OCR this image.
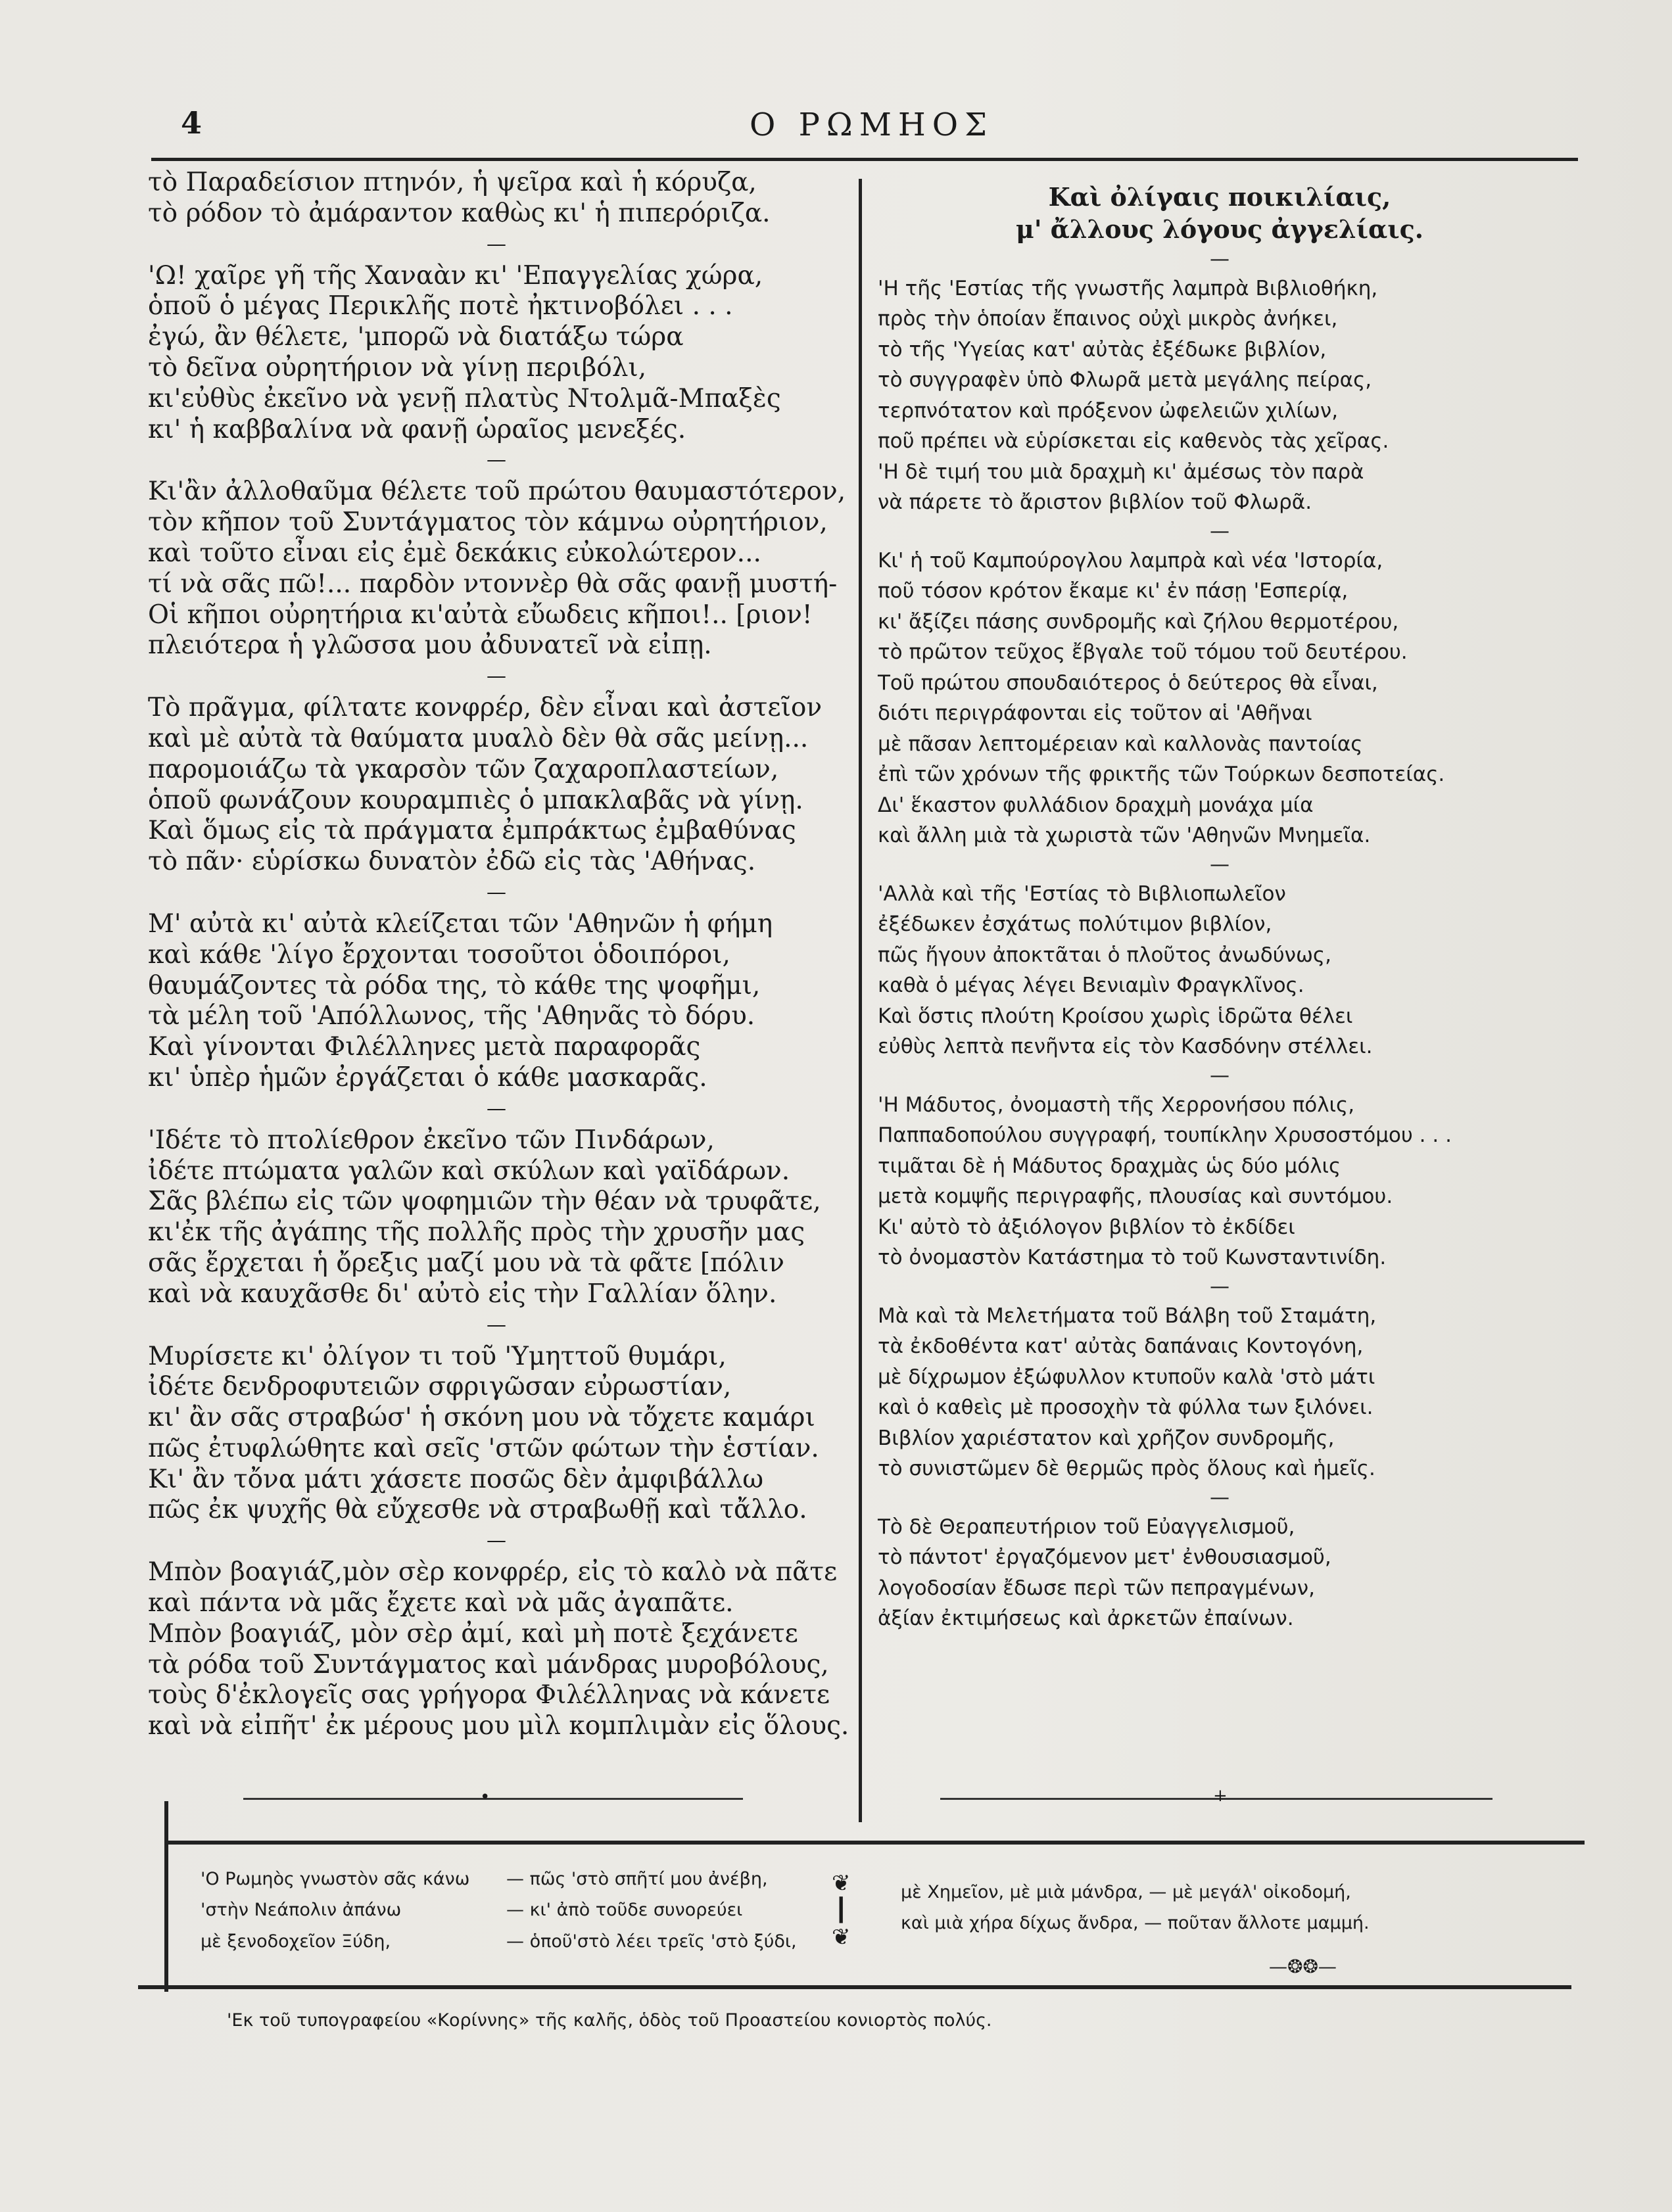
4	Ο ΡΩΜΗΟΣ
τὸ Παραδείσιον πτηνόν, ἡ ψεῖρα καὶ ἡ κόρυζα,
τὸ ρόδον τὸ ἀμάραντον καθὼς κι' ἡ πιπερόριζα.
—
'Ω! χαῖρε γῆ τῆς Χαναὰν κι' 'Επαγγελίας χώρα,
ὁποῦ ὁ μέγας Περικλῆς ποτὲ ἠκτινοβόλει . . .
ἐγώ, ἂν θέλετε, 'μπορῶ νὰ διατάξω τώρα
τὸ δεῖνα οὐρητήριον νὰ γίνῃ περιβόλι,
κι'εὐθὺς ἐκεῖνο νὰ γενῇ πλατὺς Ντολμᾶ-Μπαξὲς
κι' ἡ καββαλίνα νὰ φανῇ ὡραῖος μενεξές.
—
Κι'ἂν ἀλλοθαῦμα θέλετε τοῦ πρώτου θαυμαστότερον,
τὸν κῆπον τοῦ Συντάγματος τὸν κάμνω οὐρητήριον,
καὶ τοῦτο εἶναι εἰς ἐμὲ δεκάκις εὐκολώτερον...
τί νὰ σᾶς πῶ!... παρδὸν ντοννὲρ θὰ σᾶς φανῇ μυστή-
Οἱ κῆποι οὐρητήρια κι'αὐτὰ εὔωδεις κῆποι!.. [ριον!
πλειότερα ἡ γλῶσσα μου ἀδυνατεῖ νὰ εἰπῃ.
—
Τὸ πρᾶγμα, φίλτατε κονφρέρ, δὲν εἶναι καὶ ἀστεῖον
καὶ μὲ αὐτὰ τὰ θαύματα μυαλὸ δὲν θὰ σᾶς μείνῃ...
παρομοιάζω τὰ γκαρσὸν τῶν ζαχαροπλαστείων,
ὁποῦ φωνάζουν κουραμπιὲς ὁ μπακλαβᾶς νὰ γίνῃ.
Καὶ ὅμως εἰς τὰ πράγματα ἐμπράκτως ἐμβαθύνας
τὸ πᾶν· εὑρίσκω δυνατὸν ἐδῶ εἰς τὰς 'Αθήνας.
—
Μ' αὐτὰ κι' αὐτὰ κλείζεται τῶν 'Αθηνῶν ἡ φήμη
καὶ κάθε 'λίγο ἔρχονται τοσοῦτοι ὁδοιπόροι,
θαυμάζοντες τὰ ρόδα της, τὸ κάθε της ψοφῆμι,
τὰ μέλη τοῦ 'Απόλλωνος, τῆς 'Αθηνᾶς τὸ δόρυ.
Καὶ γίνονται Φιλέλληνες μετὰ παραφορᾶς
κι' ὑπὲρ ἡμῶν ἐργάζεται ὁ κάθε μασκαρᾶς.
—
'Ιδέτε τὸ πτολίεθρον ἐκεῖνο τῶν Πινδάρων,
ἰδέτε πτώματα γαλῶν καὶ σκύλων καὶ γαϊδάρων.
Σᾶς βλέπω εἰς τῶν ψοφημιῶν τὴν θέαν νὰ τρυφᾶτε,
κι'ἐκ τῆς ἀγάπης τῆς πολλῆς πρὸς τὴν χρυσῆν μας
σᾶς ἔρχεται ἡ ὄρεξις μαζί μου νὰ τὰ φᾶτε [πόλιν
καὶ νὰ καυχᾶσθε δι' αὐτὸ εἰς τὴν Γαλλίαν ὅλην.
—
Μυρίσετε κι' ὀλίγον τι τοῦ 'Υμηττοῦ θυμάρι,
ἰδέτε δενδροφυτειῶν σφριγῶσαν εὐρωστίαν,
κι' ἂν σᾶς στραβώσ' ἡ σκόνη μου νὰ τὄχετε καμάρι
πῶς ἐτυφλώθητε καὶ σεῖς 'στῶν φώτων τὴν ἑστίαν.
Κι' ἂν τὄνα μάτι χάσετε ποσῶς δὲν ἀμφιβάλλω
πῶς ἐκ ψυχῆς θὰ εὔχεσθε νὰ στραβωθῇ καὶ τἄλλο.
—
Μπὸν βοαγιάζ,μὸν σὲρ κονφρέρ, εἰς τὸ καλὸ νὰ πᾶτε
καὶ πάντα νὰ μᾶς ἔχετε καὶ νὰ μᾶς ἀγαπᾶτε.
Μπὸν βοαγιάζ, μὸν σὲρ ἀμί, καὶ μὴ ποτὲ ξεχάνετε
τὰ ρόδα τοῦ Συντάγματος καὶ μάνδρας μυροβόλους,
τοὺς δ'ἐκλογεῖς σας γρήγορα Φιλέλληνας νὰ κάνετε
καὶ νὰ εἰπῆτ' ἐκ μέρους μου μὶλ κομπλιμὰν εἰς ὅλους.
Καὶ ὀλίγαις ποικιλίαις,
μ' ἄλλους λόγους ἀγγελίαις.
—
'Η τῆς 'Εστίας τῆς γνωστῆς λαμπρὰ Βιβλιοθήκη,
πρὸς τὴν ὁποίαν ἔπαινος οὐχὶ μικρὸς ἀνήκει,
τὸ τῆς 'Υγείας κατ' αὐτὰς ἐξέδωκε βιβλίον,
τὸ συγγραφὲν ὑπὸ Φλωρᾶ μετὰ μεγάλης πείρας,
τερπνότατον καὶ πρόξενον ὠφελειῶν χιλίων,
ποῦ πρέπει νὰ εὑρίσκεται εἰς καθενὸς τὰς χεῖρας.
'Η δὲ τιμή του μιὰ δραχμὴ κι' ἀμέσως τὸν παρὰ
νὰ πάρετε τὸ ἄριστον βιβλίον τοῦ Φλωρᾶ.
—
Κι' ἡ τοῦ Καμπούρογλου λαμπρὰ καὶ νέα 'Ιστορία,
ποῦ τόσον κρότον ἔκαμε κι' ἐν πάσῃ 'Εσπερίᾳ,
κι' ἄξίζει πάσης συνδρομῆς καὶ ζήλου θερμοτέρου,
τὸ πρῶτον τεῦχος ἔβγαλε τοῦ τόμου τοῦ δευτέρου.
Τοῦ πρώτου σπουδαιότερος ὁ δεύτερος θὰ εἶναι,
διότι περιγράφονται εἰς τοῦτον αἱ 'Αθῆναι
μὲ πᾶσαν λεπτομέρειαν καὶ καλλονὰς παντοίας
ἐπὶ τῶν χρόνων τῆς φρικτῆς τῶν Τούρκων δεσποτείας.
Δι' ἕκαστον φυλλάδιον δραχμὴ μονάχα μία
καὶ ἄλλη μιὰ τὰ χωριστὰ τῶν 'Αθηνῶν Μνημεῖα.
—
'Αλλὰ καὶ τῆς 'Εστίας τὸ Βιβλιοπωλεῖον
ἐξέδωκεν ἐσχάτως πολύτιμον βιβλίον,
πῶς ἤγουν ἀποκτᾶται ὁ πλοῦτος ἀνωδύνως,
καθὰ ὁ μέγας λέγει Βενιαμὶν Φραγκλῖνος.
Καὶ ὅστις πλούτη Κροίσου χωρὶς ἱδρῶτα θέλει
εὐθὺς λεπτὰ πενῆντα εἰς τὸν Κασδόνην στέλλει.
—
'Η Μάδυτος, ὀνομαστὴ τῆς Χερρονήσου πόλις,
Παππαδοπούλου συγγραφή, τουπίκλην Χρυσοστόμου . . .
τιμᾶται δὲ ἡ Μάδυτος δραχμὰς ὡς δύο μόλις
μετὰ κομψῆς περιγραφῆς, πλουσίας καὶ συντόμου.
Κι' αὐτὸ τὸ ἀξιόλογον βιβλίον τὸ ἐκδίδει
τὸ ὀνομαστὸν Κατάστημα τὸ τοῦ Κωνσταντινίδη.
—
Μὰ καὶ τὰ Μελετήματα τοῦ Βάλβη τοῦ Σταμάτη,
τὰ ἐκδοθέντα κατ' αὐτὰς δαπάναις Κοντογόνη,
μὲ δίχρωμον ἐξώφυλλον κτυποῦν καλὰ 'στὸ μάτι
καὶ ὁ καθεὶς μὲ προσοχὴν τὰ φύλλα των ξιλόνει.
Βιβλίον χαριέστατον καὶ χρῆζον συνδρομῆς,
τὸ συνιστῶμεν δὲ θερμῶς πρὸς ὅλους καὶ ἡμεῖς.
—
Τὸ δὲ Θεραπευτήριον τοῦ Εὐαγγελισμοῦ,
τὸ πάντοτ' ἐργαζόμενον μετ' ἐνθουσιασμοῦ,
λογοδοσίαν ἔδωσε περὶ τῶν πεπραγμένων,
ἀξίαν ἐκτιμήσεως καὶ ἀρκετῶν ἐπαίνων.
•	+
'Ο Ρωμηὸς γνωστὸν σᾶς κάνω
'στὴν Νεάπολιν ἀπάνω
μὲ ξενοδοχεῖον Ξύδη,
— πῶς 'στὸ σπῆτί μου ἀνέβη,
— κι' ἀπὸ τοῦδε συνορεύει
— ὁποῦ'στὸ λέει τρεῖς 'στὸ ξύδι,
❦
┃
❦
μὲ Χημεῖον, μὲ μιὰ μάνδρα, — μὲ μεγάλ' οἰκοδομή,
καὶ μιὰ χήρα δίχως ἄνδρα, — ποῦταν ἄλλοτε μαμμή.
—❂❂—
'Εκ τοῦ τυπογραφείου «Κορίννης» τῆς καλῆς, ὁδὸς τοῦ Προαστείου κονιορτὸς πολύς.
